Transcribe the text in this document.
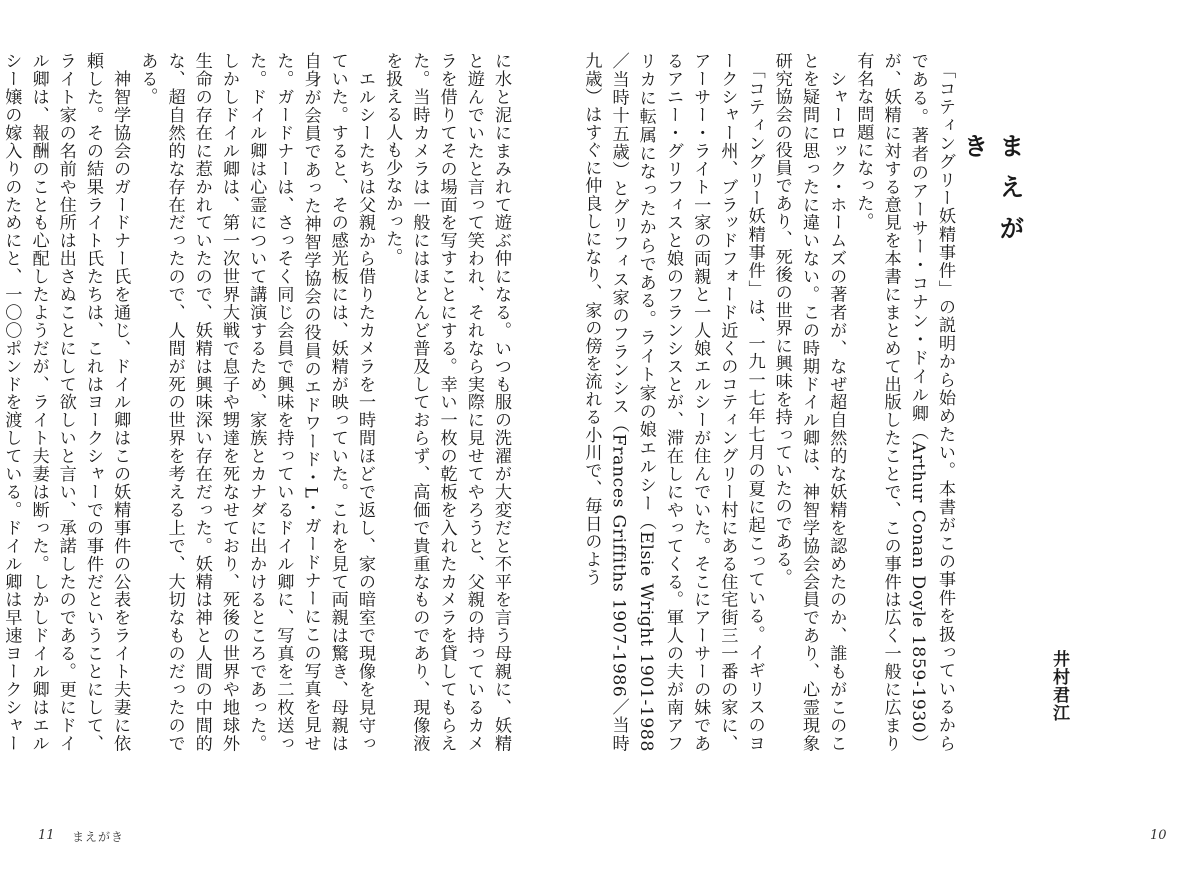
に水と泥にまみれて遊ぶ仲になる。いつも服の洗濯が大変だと不平を言う母親に、妖精と遊んでいたと言って笑われ、それなら実際に見せてやろうと、父親の持っているカメラを借りてその場面を写すことにする。幸い一枚の乾板を入れたカメラを貸してもらえた。当時カメラは一般にはほとんど普及しておらず、高価で貴重なものであり、現像液を扱える人も少なかった。
　エルシーたちは父親から借りたカメラを一時間ほどで返し、家の暗室で現像を見守っていた。すると、その感光板には、妖精が映っていた。これを見て両親は驚き、母親は自身が会員であった神智学協会の役員のエドワード・L・ガードナーにこの写真を見せた。ガードナーは、さっそく同じ会員で興味を持っているドイル卿に、写真を二枚送った。ドイル卿は心霊について講演するため、家族とカナダに出かけるところであった。しかしドイル卿は、第一次世界大戦で息子や甥達を死なせており、死後の世界や地球外生命の存在に惹かれていたので、妖精は興味深い存在だった。妖精は神と人間の中間的な、超自然的な存在だったので、人間が死の世界を考える上で、大切なものだったのである。
　神智学協会のガードナー氏を通じ、ドイル卿はこの妖精事件の公表をライト夫妻に依頼した。その結果ライト氏たちは、これはヨークシャーでの事件だということにして、ライト家の名前や住所は出さぬことにして欲しいと言い、承諾したのである。更にドイル卿は、報酬のことも心配したようだが、ライト夫妻は断った。しかしドイル卿はエルシー嬢の嫁入りのためにと、一〇〇ポンドを渡している。ドイル卿は早速ヨークシャー
11 まえがき
　「コティングリー妖精事件」の説明から始めたい。本書がこの事件を扱っているからである。著者のアーサー・コナン・ドイル卿（Arthur Conan Doyle 1859-1930）が、妖精に対する意見を本書にまとめて出版したことで、この事件は広く一般に広まり有名な問題になった。
　シャーロック・ホームズの著者が、なぜ超自然的な妖精を認めたのか、誰もがこのことを疑問に思ったに違いない。この時期ドイル卿は、神智学協会会員であり、心霊現象研究協会の役員であり、死後の世界に興味を持っていたのである。
　「コティングリー妖精事件」は、一九一七年七月の夏に起こっている。イギリスのヨークシャー州、ブラッドフォード近くのコティングリー村にある住宅街三一番の家に、アーサー・ライト一家の両親と一人娘エルシーが住んでいた。そこにアーサーの妹であるアニー・グリフィスと娘のフランシスとが、滞在しにやってくる。軍人の夫が南アフリカに転属になったからである。ライト家の娘エルシー（Elsie Wright 1901-1988／当時十五歳）とグリフィス家のフランシス（Frances Griffiths 1907-1986／当時九歳）はすぐに仲良しになり、家の傍を流れる小川で、毎日のよう	まえがき
井村君江
10
